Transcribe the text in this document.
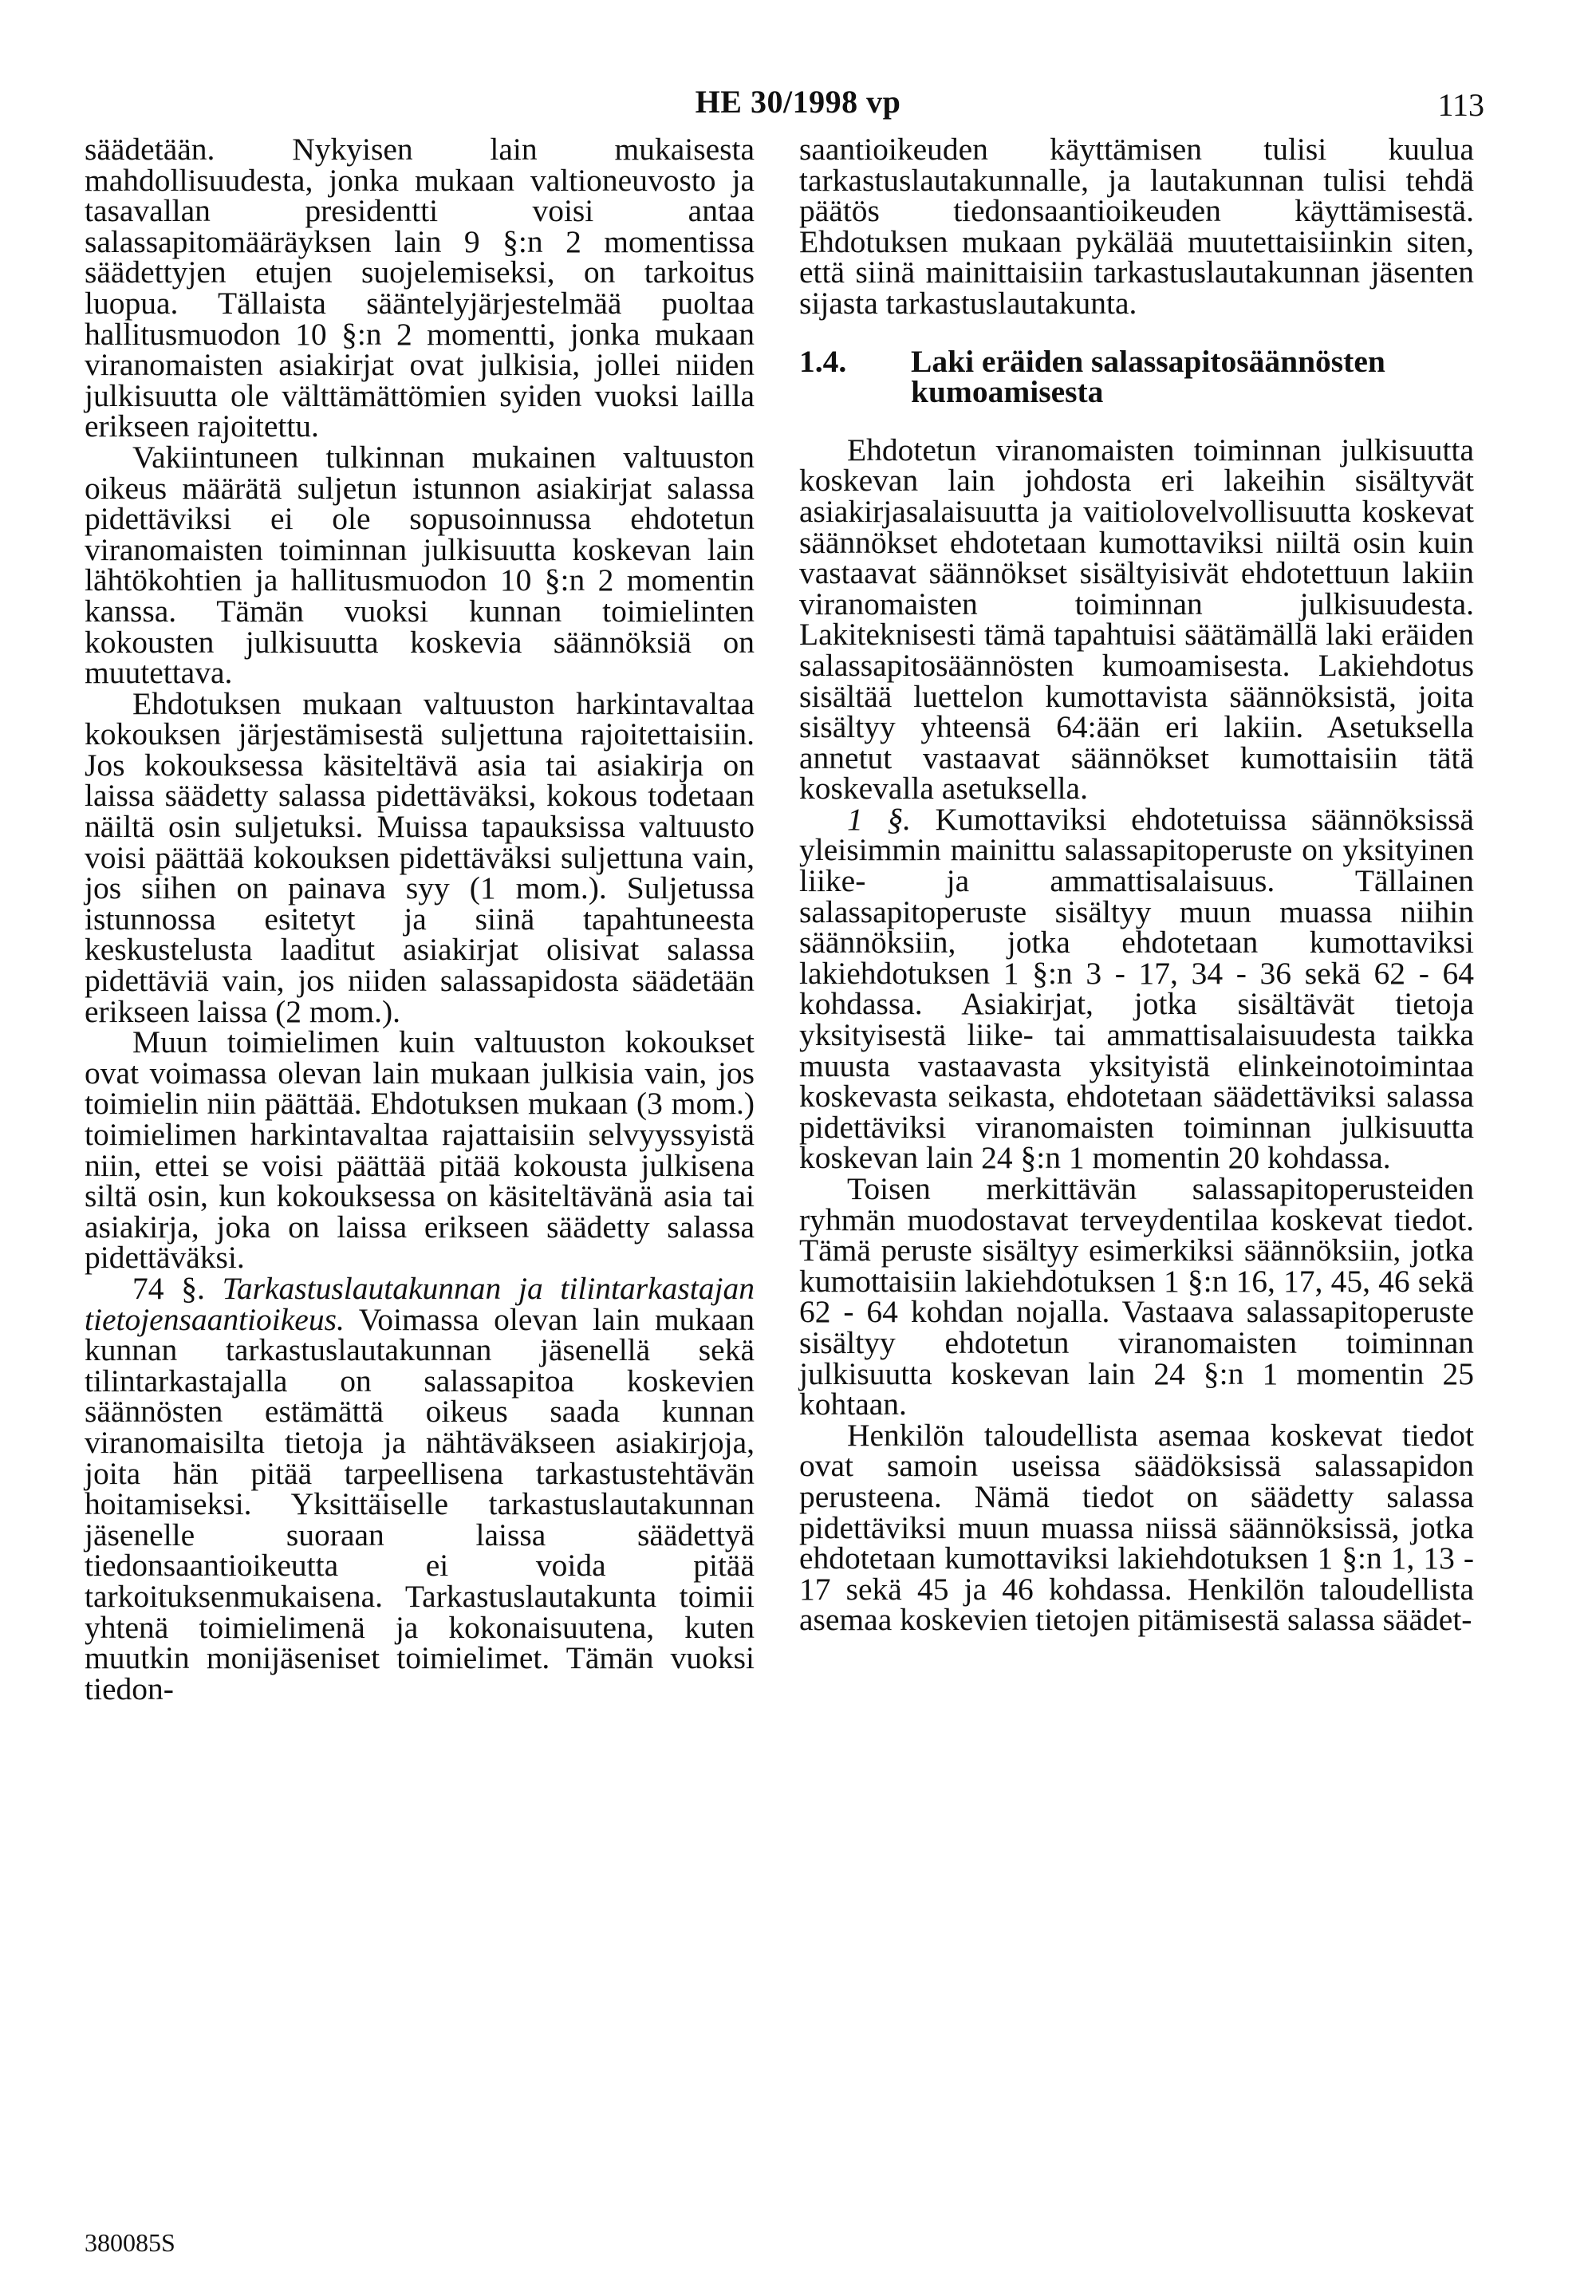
HE 30/1998 vp	113

säädetään. Nykyisen lain mukaisesta mahdollisuudesta, jonka mukaan valtioneuvosto ja tasavallan presidentti voisi antaa salassapitomääräyksen lain 9 §:n 2 momentissa säädettyjen etujen suojelemiseksi, on tarkoitus luopua. Tällaista sääntelyjärjestelmää puoltaa hallitusmuodon 10 §:n 2 momentti, jonka mukaan viranomaisten asiakirjat ovat julkisia, jollei niiden julkisuutta ole välttämättömien syiden vuoksi lailla erikseen rajoitettu.

Vakiintuneen tulkinnan mukainen valtuuston oikeus määrätä suljetun istunnon asiakirjat salassa pidettäviksi ei ole sopusoinnussa ehdotetun viranomaisten toiminnan julkisuutta koskevan lain lähtökohtien ja hallitusmuodon 10 §:n 2 momentin kanssa. Tämän vuoksi kunnan toimielinten kokousten julkisuutta koskevia säännöksiä on muutettava.

Ehdotuksen mukaan valtuuston harkintavaltaa kokouksen järjestämisestä suljettuna rajoitettaisiin. Jos kokouksessa käsiteltävä asia tai asiakirja on laissa säädetty salassa pidettäväksi, kokous todetaan näiltä osin suljetuksi. Muissa tapauksissa valtuusto voisi päättää kokouksen pidettäväksi suljettuna vain, jos siihen on painava syy (1 mom.). Suljetussa istunnossa esitetyt ja siinä tapahtuneesta keskustelusta laaditut asiakirjat olisivat salassa pidettäviä vain, jos niiden salassapidosta säädetään erikseen laissa (2 mom.).

Muun toimielimen kuin valtuuston kokoukset ovat voimassa olevan lain mukaan julkisia vain, jos toimielin niin päättää. Ehdotuksen mukaan (3 mom.) toimielimen harkintavaltaa rajattaisiin selvyyssyistä niin, ettei se voisi päättää pitää kokousta julkisena siltä osin, kun kokouksessa on käsiteltävänä asia tai asiakirja, joka on laissa erikseen säädetty salassa pidettäväksi.

74 §. Tarkastuslautakunnan ja tilintarkastajan tietojensaantioikeus. Voimassa olevan lain mukaan kunnan tarkastuslautakunnan jäsenellä sekä tilintarkastajalla on salassapitoa koskevien säännösten estämättä oikeus saada kunnan viranomaisilta tietoja ja nähtäväkseen asiakirjoja, joita hän pitää tarpeellisena tarkastustehtävän hoitamiseksi. Yksittäiselle tarkastuslautakunnan jäsenelle suoraan laissa säädettyä tiedonsaantioikeutta ei voida pitää tarkoituksenmukaisena. Tarkastuslautakunta toimii yhtenä toimielimenä ja kokonaisuutena, kuten muutkin monijäseniset toimielimet. Tämän vuoksi tiedon-

saantioikeuden käyttämisen tulisi kuulua tarkastuslautakunnalle, ja lautakunnan tulisi tehdä päätös tiedonsaantioikeuden käyttämisestä. Ehdotuksen mukaan pykälää muutettaisiinkin siten, että siinä mainittaisiin tarkastuslautakunnan jäsenten sijasta tarkastuslautakunta.

1.4.	Laki eräiden salassapitosäännösten kumoamisesta

Ehdotetun viranomaisten toiminnan julkisuutta koskevan lain johdosta eri lakeihin sisältyvät asiakirjasalaisuutta ja vaitiolovelvollisuutta koskevat säännökset ehdotetaan kumottaviksi niiltä osin kuin vastaavat säännökset sisältyisivät ehdotettuun lakiin viranomaisten toiminnan julkisuudesta. Lakiteknisesti tämä tapahtuisi säätämällä laki eräiden salassapitosäännösten kumoamisesta. Lakiehdotus sisältää luettelon kumottavista säännöksistä, joita sisältyy yhteensä 64:ään eri lakiin. Asetuksella annetut vastaavat säännökset kumottaisiin tätä koskevalla asetuksella.

1 §. Kumottaviksi ehdotetuissa säännöksissä yleisimmin mainittu salassapitoperuste on yksityinen liike- ja ammattisalaisuus. Tällainen salassapitoperuste sisältyy muun muassa niihin säännöksiin, jotka ehdotetaan kumottaviksi lakiehdotuksen 1 §:n 3 - 17, 34 - 36 sekä 62 - 64 kohdassa. Asiakirjat, jotka sisältävät tietoja yksityisestä liike- tai ammattisalaisuudesta taikka muusta vastaavasta yksityistä elinkeinotoimintaa koskevasta seikasta, ehdotetaan säädettäviksi salassa pidettäviksi viranomaisten toiminnan julkisuutta koskevan lain 24 §:n 1 momentin 20 kohdassa.

Toisen merkittävän salassapitoperusteiden ryhmän muodostavat terveydentilaa koskevat tiedot. Tämä peruste sisältyy esimerkiksi säännöksiin, jotka kumottaisiin lakiehdotuksen 1 §:n 16, 17, 45, 46 sekä 62 - 64 kohdan nojalla. Vastaava salassapitoperuste sisältyy ehdotetun viranomaisten toiminnan julkisuutta koskevan lain 24 §:n 1 momentin 25 kohtaan.

Henkilön taloudellista asemaa koskevat tiedot ovat samoin useissa säädöksissä salassapidon perusteena. Nämä tiedot on säädetty salassa pidettäviksi muun muassa niissä säännöksissä, jotka ehdotetaan kumottaviksi lakiehdotuksen 1 §:n 1, 13 - 17 sekä 45 ja 46 kohdassa. Henkilön taloudellista asemaa koskevien tietojen pitämisestä salassa säädet-

380085S
